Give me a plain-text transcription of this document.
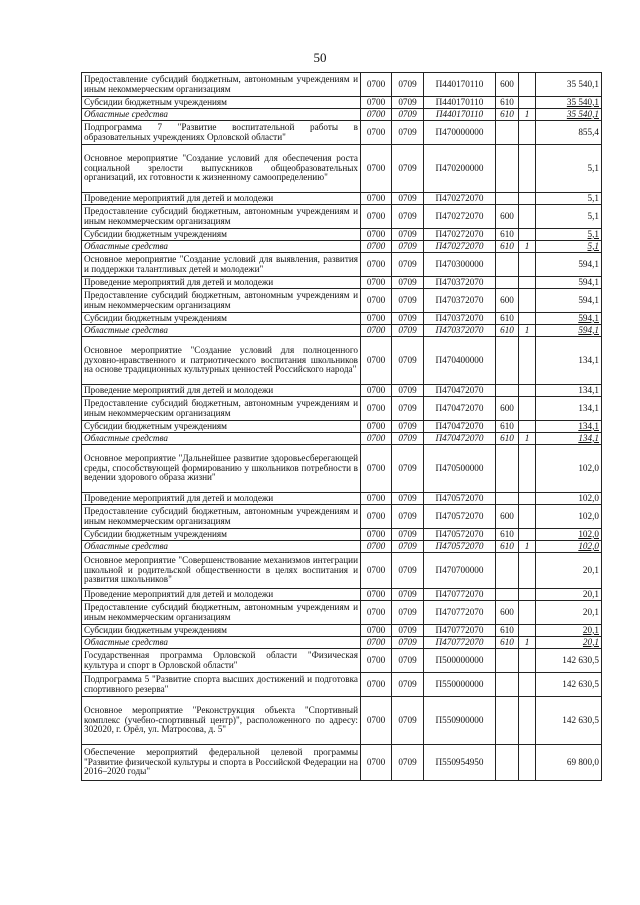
50
Предоставление субсидий бюджетным, автономным учреждениям и иным некоммерческим организациям	0700	0709	П440170110	600		35 540,1
Субсидии бюджетным учреждениям	0700	0709	П440170110	610		35 540,1
Областные средства	0700	0709	П440170110	610	1	35 540,1
Подпрограмма 7 "Развитие воспитательной работы в образовательных учреждениях Орловской области"	0700	0709	П470000000			855,4
Основное мероприятие "Создание условий для обеспечения роста социальной зрелости выпускников общеобразовательных организаций, их готовности к жизненному самоопределению"	0700	0709	П470200000			5,1
Проведение мероприятий для детей и молодежи	0700	0709	П470272070			5,1
Предоставление субсидий бюджетным, автономным учреждениям и иным некоммерческим организациям	0700	0709	П470272070	600		5,1
Субсидии бюджетным учреждениям	0700	0709	П470272070	610		5,1
Областные средства	0700	0709	П470272070	610	1	5,1
Основное мероприятие "Создание условий для выявления, развития и поддержки талантливых детей и молодежи"	0700	0709	П470300000			594,1
Проведение мероприятий для детей и молодежи	0700	0709	П470372070			594,1
Предоставление субсидий бюджетным, автономным учреждениям и иным некоммерческим организациям	0700	0709	П470372070	600		594,1
Субсидии бюджетным учреждениям	0700	0709	П470372070	610		594,1
Областные средства	0700	0709	П470372070	610	1	594,1
Основное мероприятие "Создание условий для полноценного духовно-нравственного и патриотического воспитания школьников на основе традиционных культурных ценностей Российского народа"	0700	0709	П470400000			134,1
Проведение мероприятий для детей и молодежи	0700	0709	П470472070			134,1
Предоставление субсидий бюджетным, автономным учреждениям и иным некоммерческим организациям	0700	0709	П470472070	600		134,1
Субсидии бюджетным учреждениям	0700	0709	П470472070	610		134,1
Областные средства	0700	0709	П470472070	610	1	134,1
Основное мероприятие "Дальнейшее развитие здоровьесберегающей среды, способствующей формированию у школьников потребности в ведении здорового образа жизни"	0700	0709	П470500000			102,0
Проведение мероприятий для детей и молодежи	0700	0709	П470572070			102,0
Предоставление субсидий бюджетным, автономным учреждениям и иным некоммерческим организациям	0700	0709	П470572070	600		102,0
Субсидии бюджетным учреждениям	0700	0709	П470572070	610		102,0
Областные средства	0700	0709	П470572070	610	1	102,0
Основное мероприятие "Совершенствование механизмов интеграции школьной и родительской общественности в целях воспитания и развития школьников"	0700	0709	П470700000			20,1
Проведение мероприятий для детей и молодежи	0700	0709	П470772070			20,1
Предоставление субсидий бюджетным, автономным учреждениям и иным некоммерческим организациям	0700	0709	П470772070	600		20,1
Субсидии бюджетным учреждениям	0700	0709	П470772070	610		20,1
Областные средства	0700	0709	П470772070	610	1	20,1
Государственная программа Орловской области "Физическая культура и спорт в Орловской области"	0700	0709	П500000000			142 630,5
Подпрограмма 5 "Развитие спорта высших достижений и подготовка спортивного резерва"	0700	0709	П550000000			142 630,5
Основное мероприятие "Реконструкция объекта "Спортивный комплекс (учебно-спортивный центр)", расположенного по адресу: 302020, г. Орёл, ул. Матросова, д. 5"	0700	0709	П550900000			142 630,5
Обеспечение мероприятий федеральной целевой программы "Развитие физической культуры и спорта в Российской Федерации на 2016–2020 годы"	0700	0709	П550954950			69 800,0
